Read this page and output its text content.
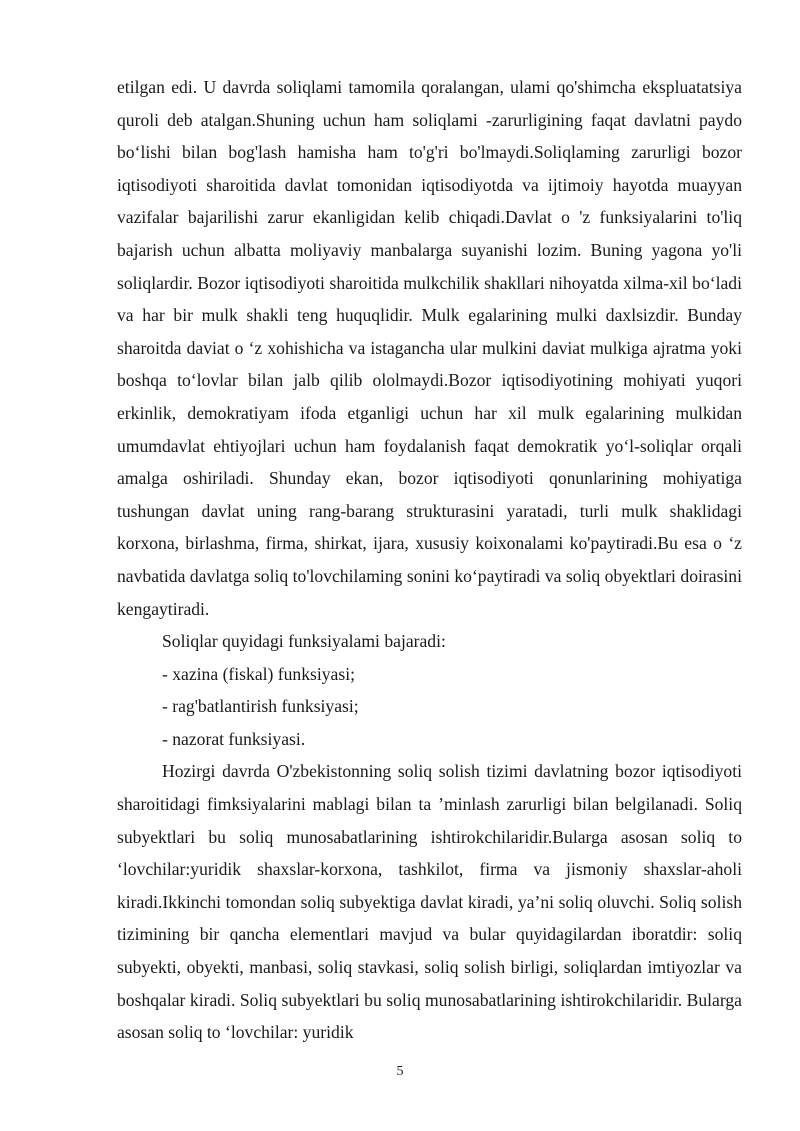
etilgan edi. U davrda soliqlami tamomila qoralangan, ulami qo'shimcha ekspluatatsiya quroli deb atalgan.Shuning uchun ham soliqlami -zarurligining faqat davlatni paydo bo‘lishi bilan bog'lash hamisha ham to'g'ri bo'lmaydi.Soliqlaming zarurligi bozor iqtisodiyoti sharoitida davlat tomonidan iqtisodiyotda va ijtimoiy hayotda muayyan vazifalar bajarilishi zarur ekanligidan kelib chiqadi.Davlat o 'z funksiyalarini to'liq bajarish uchun albatta moliyaviy manbalarga suyanishi lozim. Buning yagona yo'li soliqlardir. Bozor iqtisodiyoti sharoitida mulkchilik shakllari nihoyatda xilma-xil bo‘ladi va har bir mulk shakli teng huquqlidir. Mulk egalarining mulki daxlsizdir. Bunday sharoitda daviat o ‘z xohishicha va istagancha ular mulkini daviat mulkiga ajratma yoki boshqa to‘lovlar bilan jalb qilib ololmaydi.Bozor iqtisodiyotining mohiyati yuqori erkinlik, demokratiyam ifoda etganligi uchun har xil mulk egalarining mulkidan umumdavlat ehtiyojlari uchun ham foydalanish faqat demokratik yo‘l-soliqlar orqali amalga oshiriladi. Shunday ekan, bozor iqtisodiyoti qonunlarining mohiyatiga tushungan davlat uning rang-barang strukturasini yaratadi, turli mulk shaklidagi korxona, birlashma, firma, shirkat, ijara, xususiy koixonalami ko'paytiradi.Bu esa o ‘z navbatida davlatga soliq to'lovchilaming sonini ko‘paytiradi va soliq obyektlari doirasini kengaytiradi.

Soliqlar quyidagi funksiyalami bajaradi:

- xazina (fiskal) funksiyasi;

- rag'batlantirish funksiyasi;

- nazorat funksiyasi.

Hozirgi davrda O'zbekistonning soliq solish tizimi davlatning bozor iqtisodiyoti sharoitidagi fimksiyalarini mablagi bilan ta ’minlash zarurligi bilan belgilanadi. Soliq subyektlari bu soliq munosabatlarining ishtirokchilaridir.Bularga asosan soliq to ‘lovchilar:yuridik shaxslar-korxona, tashkilot, firma va jismoniy shaxslar-aholi kiradi.Ikkinchi tomondan soliq subyektiga davlat kiradi, ya’ni soliq oluvchi. Soliq solish tizimining bir qancha elementlari mavjud va bular quyidagilardan iboratdir: soliq subyekti, obyekti, manbasi, soliq stavkasi, soliq solish birligi, soliqlardan imtiyozlar va boshqalar kiradi. Soliq subyektlari bu soliq munosabatlarining ishtirokchilaridir. Bularga asosan soliq to ‘lovchilar: yuridik

5
